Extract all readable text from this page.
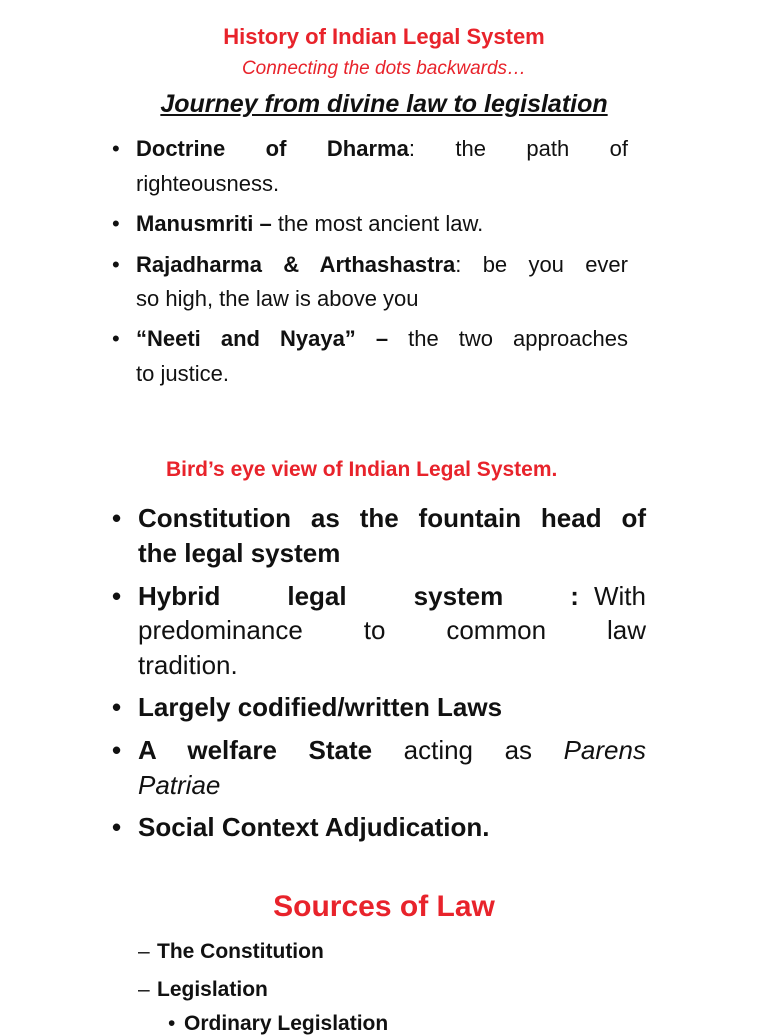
History of Indian Legal System
Connecting the dots backwards…
Journey from divine law to legislation
• Doctrine of Dharma: the path of
righteousness.
• Manusmriti – the most ancient law.
• Rajadharma & Arthashastra: be you ever
so high, the law is above you
• “Neeti and Nyaya” – the two approaches
to justice.
Bird’s eye view of Indian Legal System.
• Constitution as the fountain head of
the legal system
• Hybrid legal system : With
predominance to common law
tradition.
• Largely codified/written Laws
• A welfare State acting as Parens
Patriae
• Social Context Adjudication.
Sources of Law
– The Constitution
– Legislation
• Ordinary Legislation
